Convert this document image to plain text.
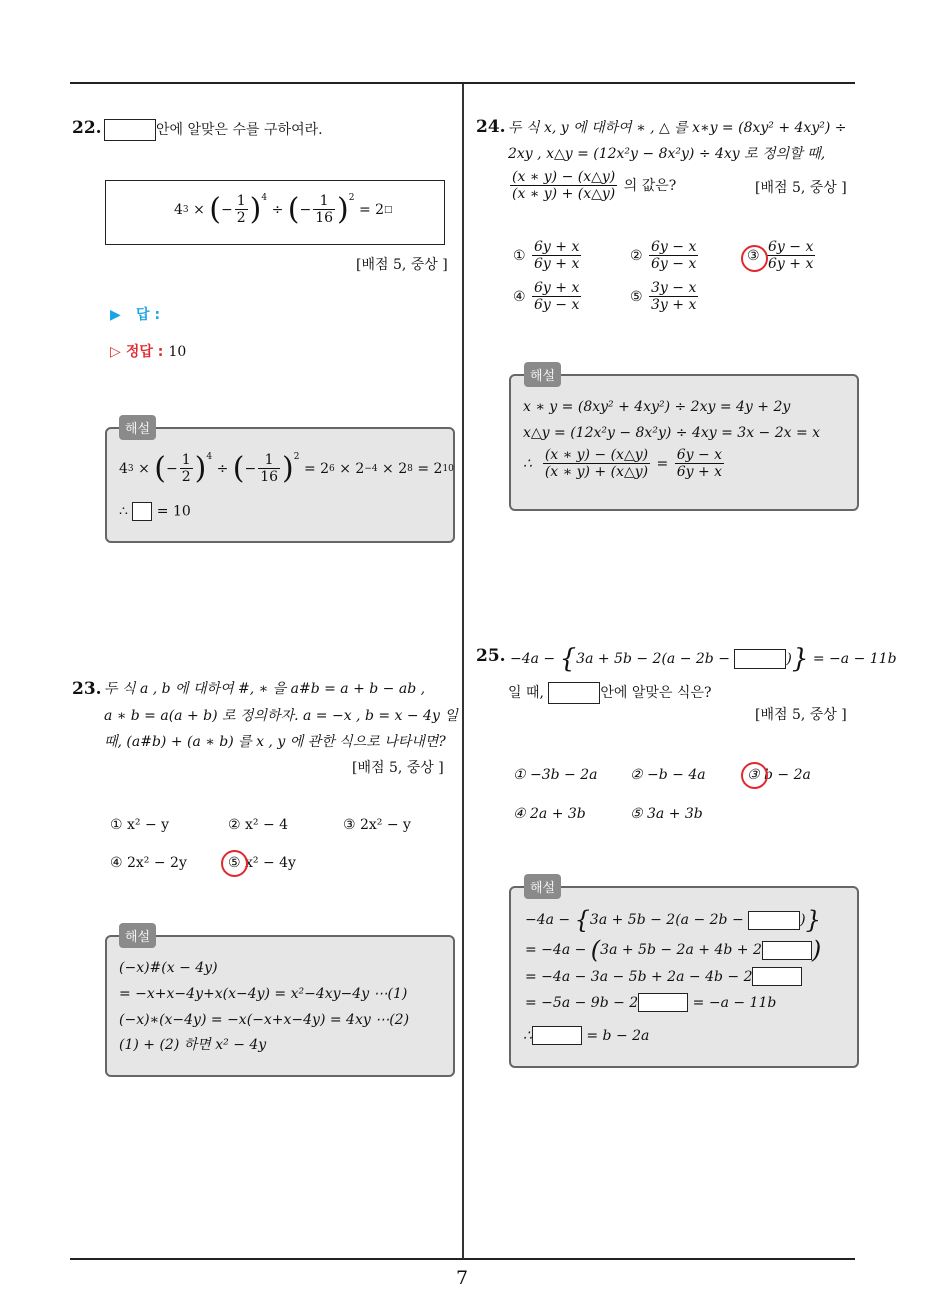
22.	안에 알맞은 수를 구하여라.
4 3 × ( − $\frac{1}{2} )^4$
÷ ( − $\frac{1}{16} )^2$
= 2 □
[배점 5, 중상 ]
▶ 답 :
▷ 정답 : 10
4 3 × ( − $\frac{1}{2} )^4$
÷ ( − $\frac{1}{16} )^2$
= 2 6 × 2 −4 × 2 8 = 2 10
∴  = 10
해설
23. 두 식 a , b 에 대하여 #, ∗ 을 a#b = a + b − ab ,
a ∗ b = a(a + b) 로 정의하자. a = −x , b = x − 4y 일
때, (a#b) + (a ∗ b) 를 x , y 에 관한 식으로 나타내면?
[배점 5, 중상 ]
① x² − y	② x² − 4	③ 2x² − y
④ 2x² − 2y	⑤ x² − 4y
(−x)#(x − 4y)
= −x+x−4y+x(x−4y) = x²−4xy−4y ⋯(1)
(−x)∗(x−4y) = −x(−x+x−4y) = 4xy ⋯(2)
(1) + (2) 하면 x² − 4y
해설
24. 두 식 x, y 에 대하여 ∗ , △ 를 x∗y = (8xy² + 4xy²) ÷
2xy , x△y = (12x²y − 8x²y) ÷ 4xy 로 정의할 때,
$\frac{(x ∗ y) - (x\triangle y)}{(x ∗ y) + (x\triangle y)}$
의 값은?	[배점 5, 중상 ]
① $\frac{6y + x}{6y + x}$	② $\frac{6y - x}{6y - x}$	③ $\frac{6y - x}{6y + x}$
④ $\frac{6y + x}{6y - x}$	⑤ $\frac{3y - x}{3y + x}$
x ∗ y = (8xy² + 4xy²) ÷ 2xy = 4y + 2y
x△y = (12x²y − 8x²y) ÷ 4xy = 3x − 2x = x
∴ $\frac{(x ∗ y) - (x\triangle y)}{(x ∗ y) + (x\triangle y)} = \frac{6y - x}{6y + x}$
해설
25. −4a − { 3a + 5b − 2(a − 2b −	) } = −a − 11b
일 때,	안에 알맞은 식은?
[배점 5, 중상 ]
① −3b − 2a ② −b − 4a	③ b − 2a
④ 2a + 3b	⑤ 3a + 3b
−4a − { 3a + 5b − 2(a − 2b −	) }
= −4a − ( 3a + 5b − 2a + 4b + 2 )
= −4a − 3a − 5b + 2a − 4b − 2
= −5a − 9b − 2
	= −a − 11b
∴
	= b − 2a
해설
7
